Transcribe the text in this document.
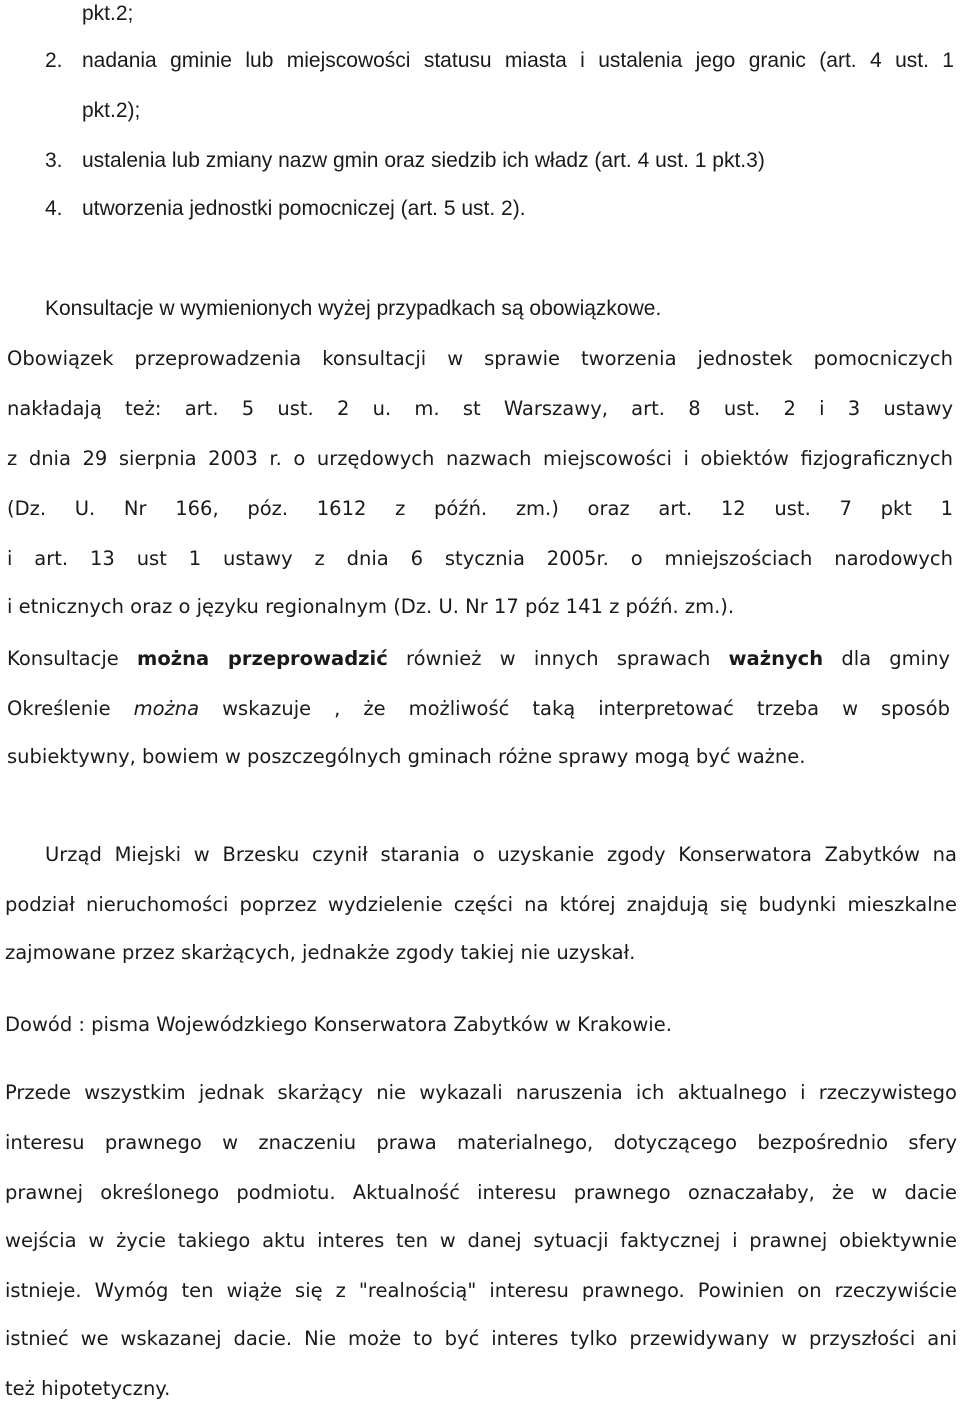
pkt.2;
2. nadania gminie lub miejscowości statusu miasta i ustalenia jego granic (art. 4 ust. 1
pkt.2);
3. ustalenia lub zmiany nazw gmin oraz siedzib ich władz (art. 4 ust. 1 pkt.3)
4. utworzenia jednostki pomocniczej (art. 5 ust. 2).
Konsultacje w wymienionych wyżej przypadkach są obowiązkowe.
Obowiązek przeprowadzenia konsultacji w sprawie tworzenia jednostek pomocniczych
nakładają też: art. 5 ust. 2 u. m. st Warszawy, art. 8 ust. 2 i 3 ustawy
z dnia 29 sierpnia 2003 r. o urzędowych nazwach miejscowości i obiektów fizjograficznych
(Dz. U. Nr 166, póz. 1612 z późń. zm.) oraz art. 12 ust. 7 pkt 1
i art. 13 ust 1 ustawy z dnia 6 stycznia 2005r. o mniejszościach narodowych
i etnicznych oraz o języku regionalnym (Dz. U. Nr 17 póz 141 z późń. zm.).
Konsultacje można przeprowadzić również w innych sprawach ważnych dla gminy
Określenie można wskazuje , że możliwość taką interpretować trzeba w sposób
subiektywny, bowiem w poszczególnych gminach różne sprawy mogą być ważne.
Urząd Miejski w Brzesku czynił starania o uzyskanie zgody Konserwatora Zabytków na
podział nieruchomości poprzez wydzielenie części na której znajdują się budynki mieszkalne
zajmowane przez skarżących, jednakże zgody takiej nie uzyskał.
Dowód : pisma Wojewódzkiego Konserwatora Zabytków w Krakowie.
Przede wszystkim jednak skarżący nie wykazali naruszenia ich aktualnego i rzeczywistego
interesu prawnego w znaczeniu prawa materialnego, dotyczącego bezpośrednio sfery
prawnej określonego podmiotu. Aktualność interesu prawnego oznaczałaby, że w dacie
wejścia w życie takiego aktu interes ten w danej sytuacji faktycznej i prawnej obiektywnie
istnieje. Wymóg ten wiąże się z "realnością" interesu prawnego. Powinien on rzeczywiście
istnieć we wskazanej dacie. Nie może to być interes tylko przewidywany w przyszłości ani
też hipotetyczny.
